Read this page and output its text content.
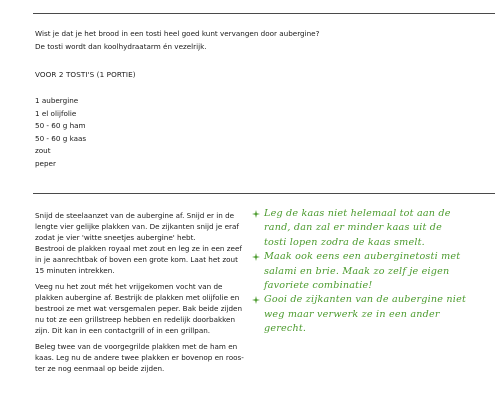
Wist je dat je het brood in een tosti heel goed kunt vervangen door aubergine?
De tosti wordt dan koolhydraatarm én vezelrijk.
VOOR 2 TOSTI'S (1 PORTIE)
1 aubergine
1 el olijfolie
50 - 60 g ham
50 - 60 g kaas
zout
peper

Snijd de steelaanzet van de aubergine af. Snijd er in de
lengte vier gelijke plakken van. De zijkanten snijd je eraf
zodat je vier 'witte sneetjes aubergine' hebt.
Bestrooi de plakken royaal met zout en leg ze in een zeef
in je aanrechtbak of boven een grote kom. Laat het zout
15 minuten intrekken.

Veeg nu het zout mét het vrijgekomen vocht van de
plakken aubergine af. Bestrijk de plakken met olijfolie en
bestrooi ze met wat versgemalen peper. Bak beide zijden
nu tot ze een grillstreep hebben en redelijk doorbakken
zijn. Dit kan in een contactgrill of in een grillpan.

Beleg twee van de voorgegrilde plakken met de ham en
kaas. Leg nu de andere twee plakken er bovenop en roos-
ter ze nog eenmaal op beide zijden.

Leg de kaas niet helemaal tot aan de
rand, dan zal er minder kaas uit de
tosti lopen zodra de kaas smelt.
Maak ook eens een auberginetosti met
salami en brie. Maak zo zelf je eigen
favoriete combinatie!
Gooi de zijkanten van de aubergine niet
weg maar verwerk ze in een ander
gerecht.
